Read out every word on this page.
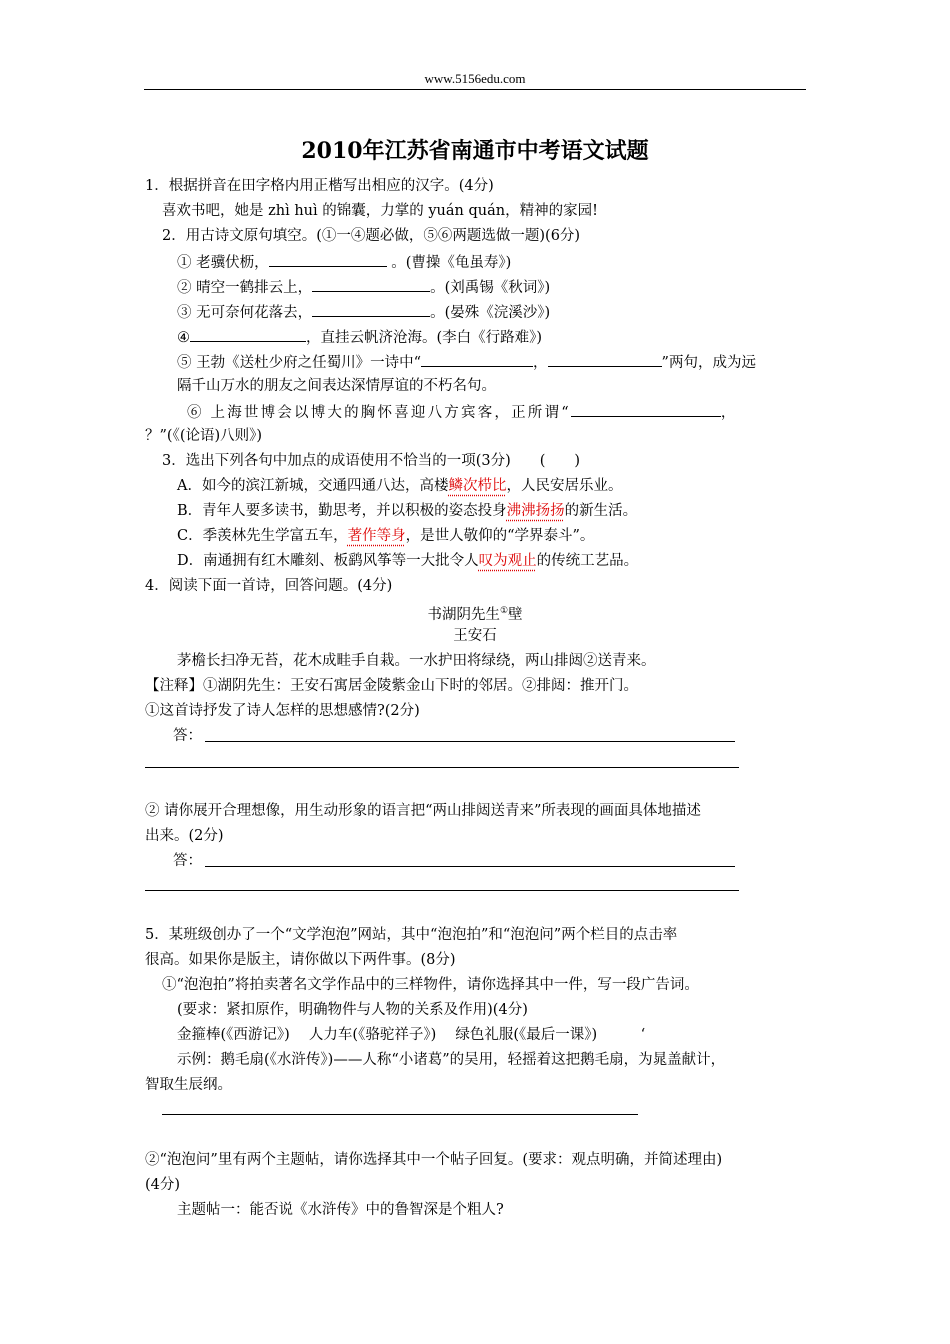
www.5156edu.com
2010年江苏省南通市中考语文试题
1．根据拼音在田字格内用正楷写出相应的汉字。(4分)
喜欢书吧，她是 zhì huì 的锦囊，力掌的 yuán quán，精神的家园!
2．用古诗文原句填空。(①一④题必做，⑤⑥两题选做一题)(6分)
① 老骥伏枥，	。(曹操《龟虽寿》)
② 晴空一鹤排云上，	。(刘禹锡《秋词》)
③ 无可奈何花落去，	。(晏殊《浣溪沙》)
④	，直挂云帆济沧海。(李白《行路难》)
⑤ 王勃《送杜少府之任蜀川》一诗中“	，	”两句，成为远
隔千山万水的朋友之间表达深情厚谊的不朽名句。
⑥ 上海世博会以博大的胸怀喜迎八方宾客，正所谓“	，
？”(《(论语)八则》)
3．选出下列各句中加点的成语使用不恰当的一项(3分)　　(　　)
A．如今的滨江新城，交通四通八达，高楼鳞次栉比，人民安居乐业。
B．青年人要多读书，勤思考，并以积极的姿态投身沸沸扬扬的新生活。
C．季羡林先生学富五车，著作等身，是世人敬仰的“学界泰斗”。
D．南通拥有红木雕刻、板鹞风筝等一大批令人叹为观止的传统工艺品。
4．阅读下面一首诗，回答问题。(4分)
书湖阴先生①壁
王安石
茅檐长扫净无苔，花木成畦手自栽。一水护田将绿绕，两山排闼②送青来。
【注释】①湖阴先生：王安石寓居金陵紫金山下时的邻居。②排闼：推开门。
①这首诗抒发了诗人怎样的思想感情?(2分)
答：
② 请你展开合理想像，用生动形象的语言把“两山排闼送青来”所表现的画面具体地描述
出来。(2分)
答：
5．某班级创办了一个“文学泡泡”网站，其中“泡泡拍”和“泡泡问”两个栏目的点击率
很高。如果你是版主，请你做以下两件事。(8分)
①“泡泡拍”将拍卖著名文学作品中的三样物件，请你选择其中一件，写一段广告词。
(要求：紧扣原作，明确物件与人物的关系及作用)(4分)
金箍棒(《西游记》)　 人力车(《骆驼祥子》)　 绿色礼服(《最后一课》)　　　‘
示例：鹅毛扇(《水浒传》)——人称“小诸葛”的吴用，轻摇着这把鹅毛扇，为晁盖献计，
智取生辰纲。
②“泡泡问”里有两个主题帖，请你选择其中一个帖子回复。(要求：观点明确，并简述理由)
(4分)
主题帖一：能否说《水浒传》中的鲁智深是个粗人?
